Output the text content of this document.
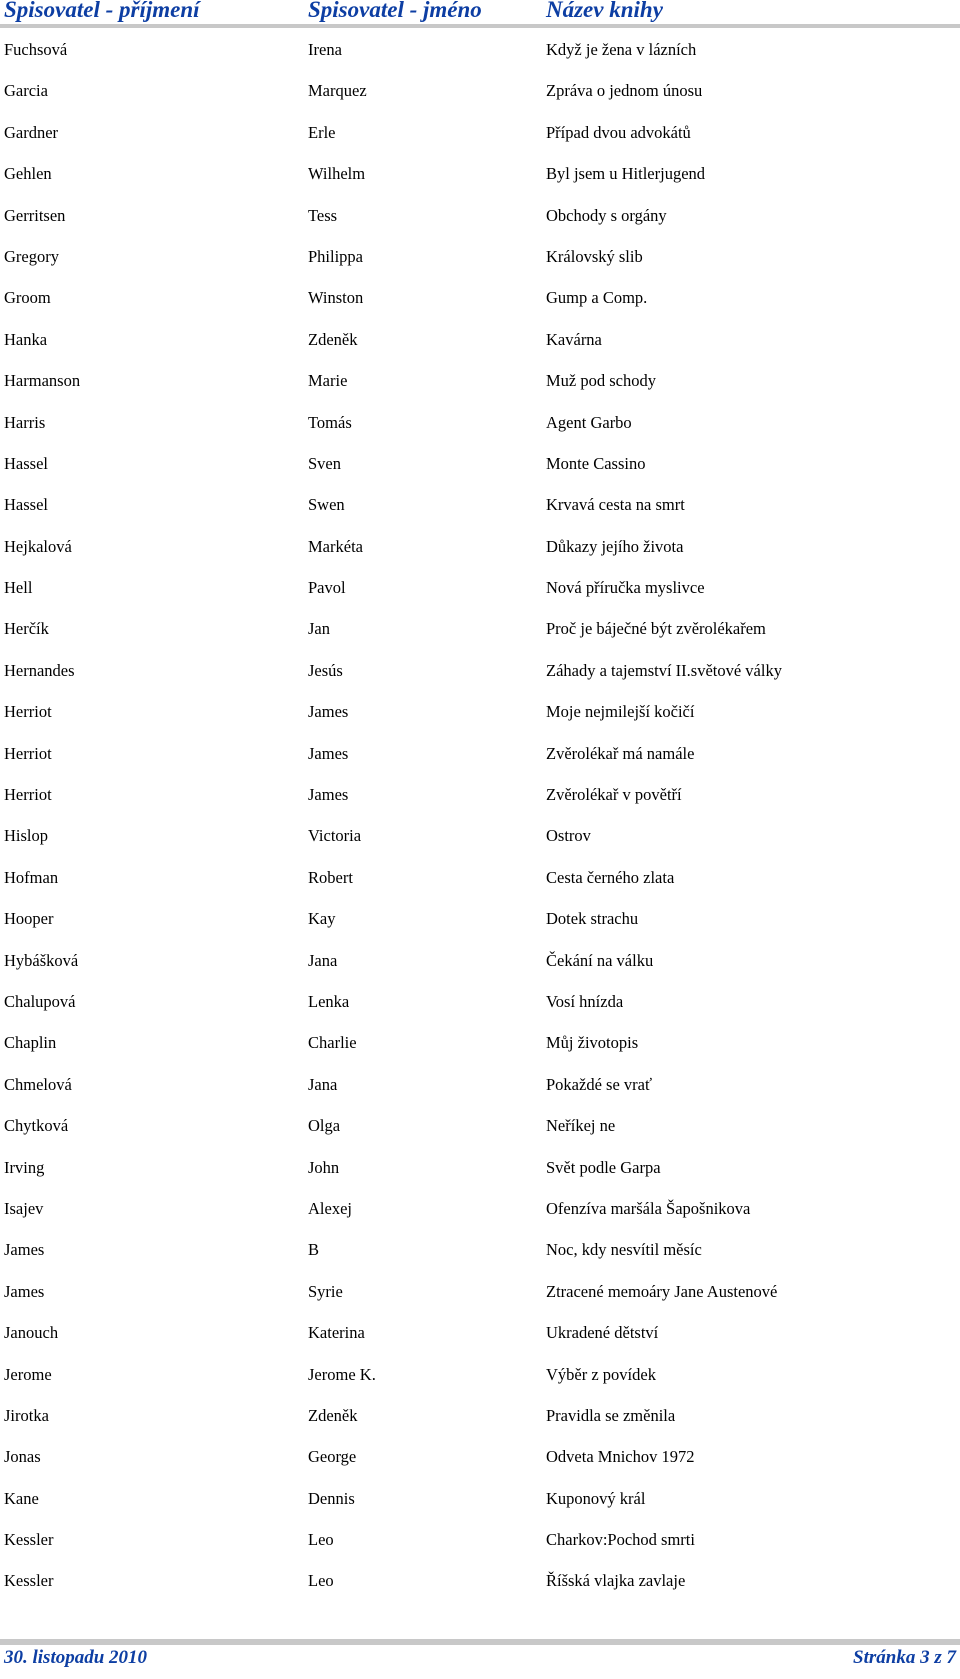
Spisovatel - příjmení	Spisovatel - jméno	Název knihy
Fuchsová	Irena	Když je žena v lázních
Garcia	Marquez	Zpráva o jednom únosu
Gardner	Erle	Případ dvou advokátů
Gehlen	Wilhelm	Byl jsem u Hitlerjugend
Gerritsen	Tess	Obchody s orgány
Gregory	Philippa	Královský slib
Groom	Winston	Gump a Comp.
Hanka	Zdeněk	Kavárna
Harmanson	Marie	Muž pod schody
Harris	Tomás	Agent Garbo
Hassel	Sven	Monte Cassino
Hassel	Swen	Krvavá cesta na smrt
Hejkalová	Markéta	Důkazy jejího života
Hell	Pavol	Nová příručka myslivce
Herčík	Jan	Proč je báječné být zvěrolékařem
Hernandes	Jesús	Záhady a tajemství II.světové války
Herriot	James	Moje nejmilejší kočičí
Herriot	James	Zvěrolékař má namále
Herriot	James	Zvěrolékař v povětří
Hislop	Victoria	Ostrov
Hofman	Robert	Cesta černého zlata
Hooper	Kay	Dotek strachu
Hybášková	Jana	Čekání na válku
Chalupová	Lenka	Vosí hnízda
Chaplin	Charlie	Můj životopis
Chmelová	Jana	Pokaždé se vrať
Chytková	Olga	Neříkej ne
Irving	John	Svět podle Garpa
Isajev	Alexej	Ofenzíva maršála Šapošnikova
James	B	Noc, kdy nesvítil měsíc
James	Syrie	Ztracené memoáry Jane Austenové
Janouch	Katerina	Ukradené dětství
Jerome	Jerome K.	Výběr z povídek
Jirotka	Zdeněk	Pravidla se změnila
Jonas	George	Odveta Mnichov 1972
Kane	Dennis	Kuponový král
Kessler	Leo	Charkov:Pochod smrti
Kessler	Leo	Říšská vlajka zavlaje
30. listopadu 2010	Stránka 3 z 7
